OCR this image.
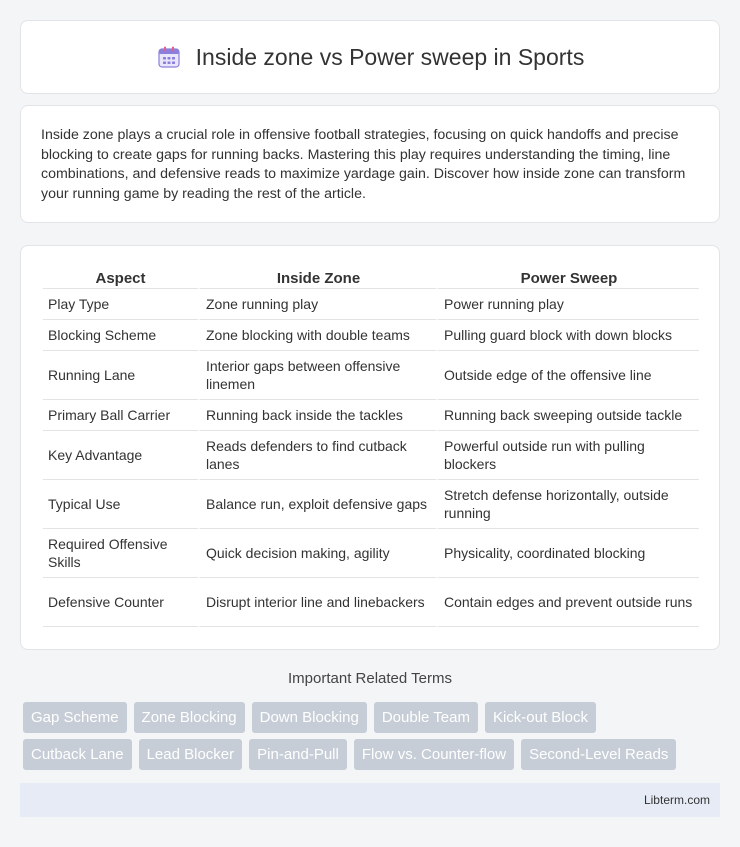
Inside zone vs Power sweep in Sports

Inside zone plays a crucial role in offensive football strategies, focusing on quick handoffs and precise blocking to create gaps for running backs. Mastering this play requires understanding the timing, line combinations, and defensive reads to maximize yardage gain. Discover how inside zone can transform your running game by reading the rest of the article.

Aspect	Inside Zone	Power Sweep
Play Type	Zone running play	Power running play
Blocking Scheme	Zone blocking with double teams	Pulling guard block with down blocks
Running Lane	Interior gaps between offensive linemen	Outside edge of the offensive line
Primary Ball Carrier	Running back inside the tackles	Running back sweeping outside tackle
Key Advantage	Reads defenders to find cutback lanes	Powerful outside run with pulling blockers
Typical Use	Balance run, exploit defensive gaps	Stretch defense horizontally, outside running
Required Offensive Skills	Quick decision making, agility	Physicality, coordinated blocking
Defensive Counter	Disrupt interior line and linebackers	Contain edges and prevent outside runs
Important Related Terms
Gap Scheme	Zone Blocking	Down Blocking	Double Team	Kick-out Block
Cutback Lane	Lead Blocker	Pin-and-Pull	Flow vs. Counter-flow	Second-Level Reads
Libterm.com
